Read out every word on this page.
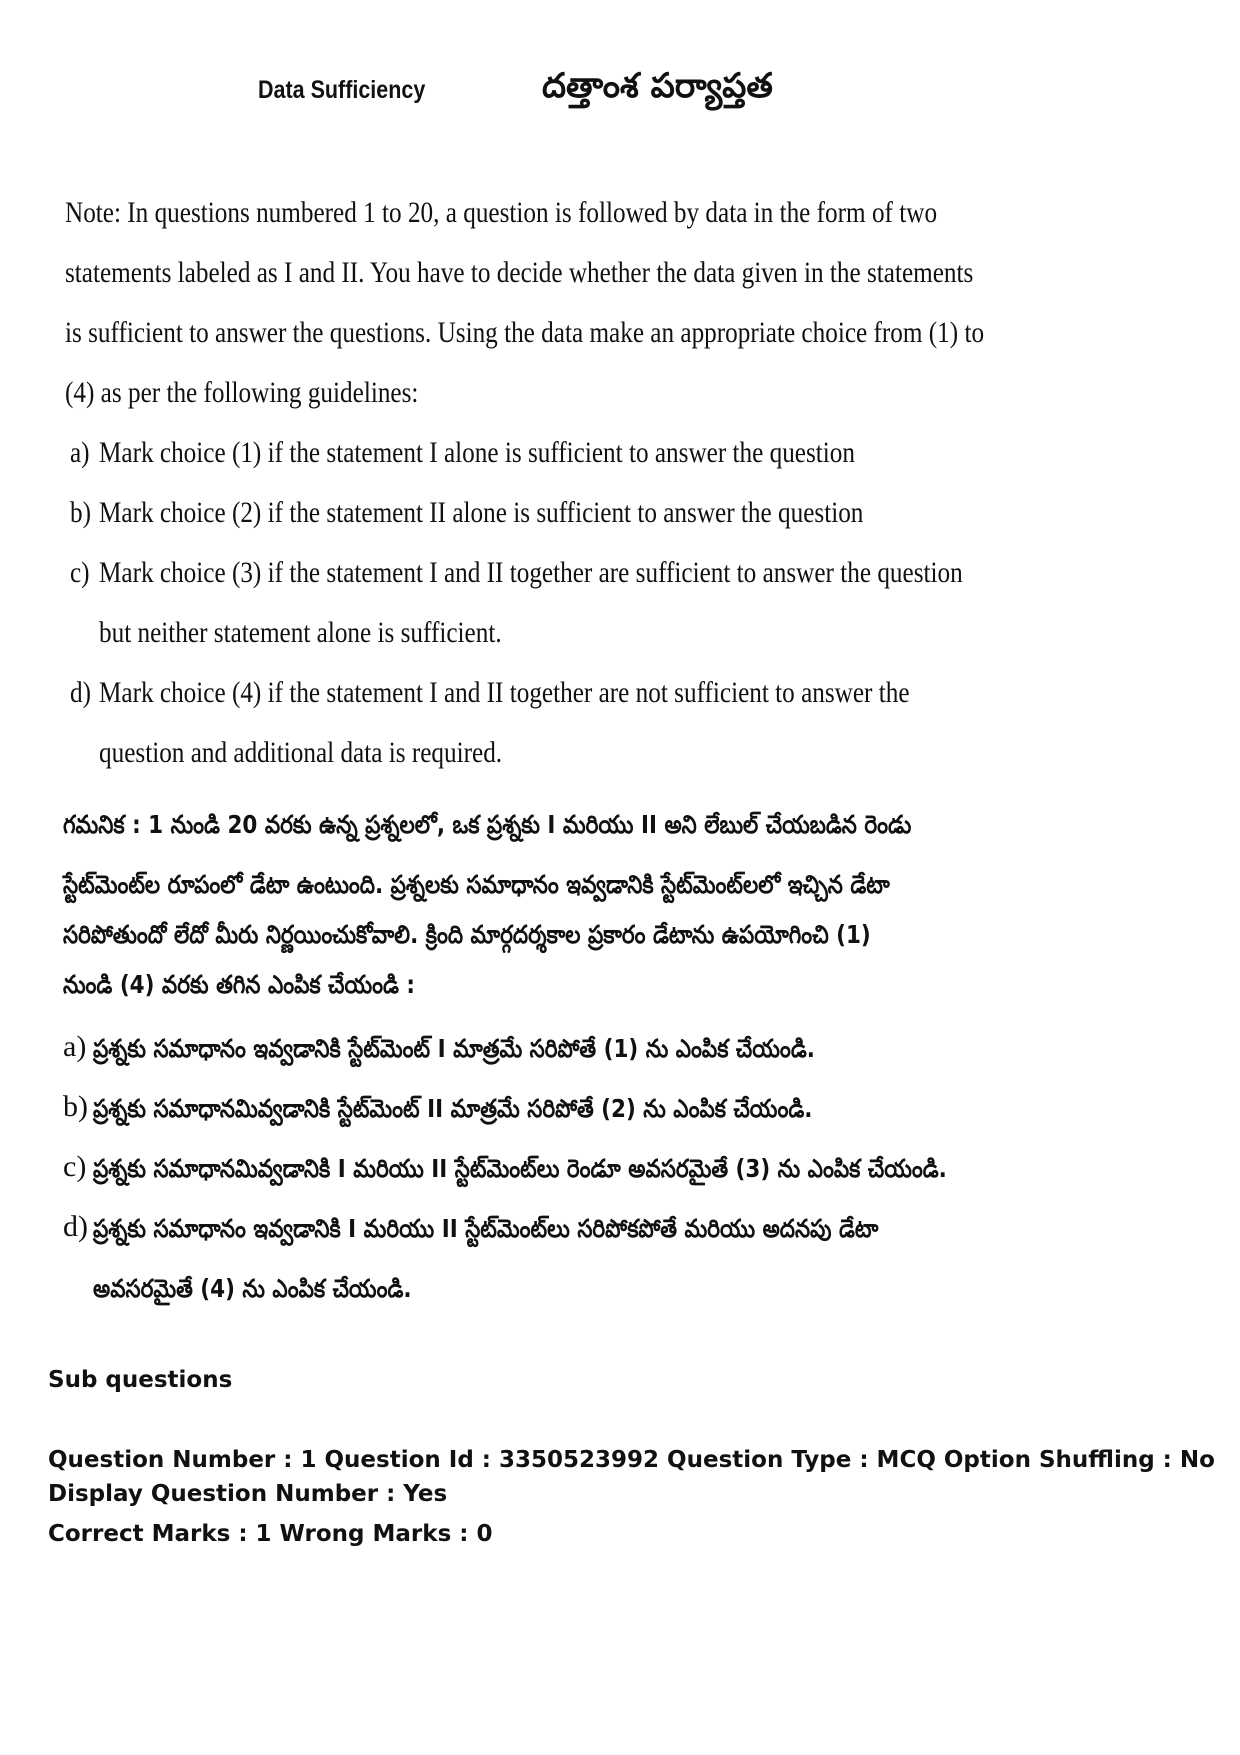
Data Sufficiency	దత్తాంశ పర్యాప్తత
Note: In questions numbered 1 to 20, a question is followed by data in the form of two
statements labeled as I and II. You have to decide whether the data given in the statements
is sufficient to answer the questions. Using the data make an appropriate choice from (1) to
(4) as per the following guidelines:
a) Mark choice (1) if the statement I alone is sufficient to answer the question
b) Mark choice (2) if the statement II alone is sufficient to answer the question
c) Mark choice (3) if the statement I and II together are sufficient to answer the question
but neither statement alone is sufficient.
d) Mark choice (4) if the statement I and II together are not sufficient to answer the
question and additional data is required.
గమనిక : 1 నుండి 20 వరకు ఉన్న ప్రశ్నలలో, ఒక ప్రశ్నకు I మరియు II అని లేబుల్ చేయబడిన రెండు
స్టేట్‌మెంట్‌ల రూపంలో డేటా ఉంటుంది. ప్రశ్నలకు సమాధానం ఇవ్వడానికి స్టేట్‌మెంట్‌లలో ఇచ్చిన డేటా
సరిపోతుందో లేదో మీరు నిర్ణయించుకోవాలి. క్రింది మార్గదర్శకాల ప్రకారం డేటాను ఉపయోగించి (1)
నుండి (4) వరకు తగిన ఎంపిక చేయండి :
a) ప్రశ్నకు సమాధానం ఇవ్వడానికి స్టేట్‌మెంట్ I మాత్రమే సరిపోతే (1) ను ఎంపిక చేయండి.
b) ప్రశ్నకు సమాధానమివ్వడానికి స్టేట్‌మెంట్ II మాత్రమే సరిపోతే (2) ను ఎంపిక చేయండి.
c) ప్రశ్నకు సమాధానమివ్వడానికి I మరియు II స్టేట్‌మెంట్‌లు రెండూ అవసరమైతే (3) ను ఎంపిక చేయండి.
d) ప్రశ్నకు సమాధానం ఇవ్వడానికి I మరియు II స్టేట్‌మెంట్‌లు సరిపోకపోతే మరియు అదనపు డేటా
అవసరమైతే (4) ను ఎంపిక చేయండి.
Sub questions
Question Number : 1 Question Id : 3350523992 Question Type : MCQ Option Shuffling : No
Display Question Number : Yes
Correct Marks : 1 Wrong Marks : 0
